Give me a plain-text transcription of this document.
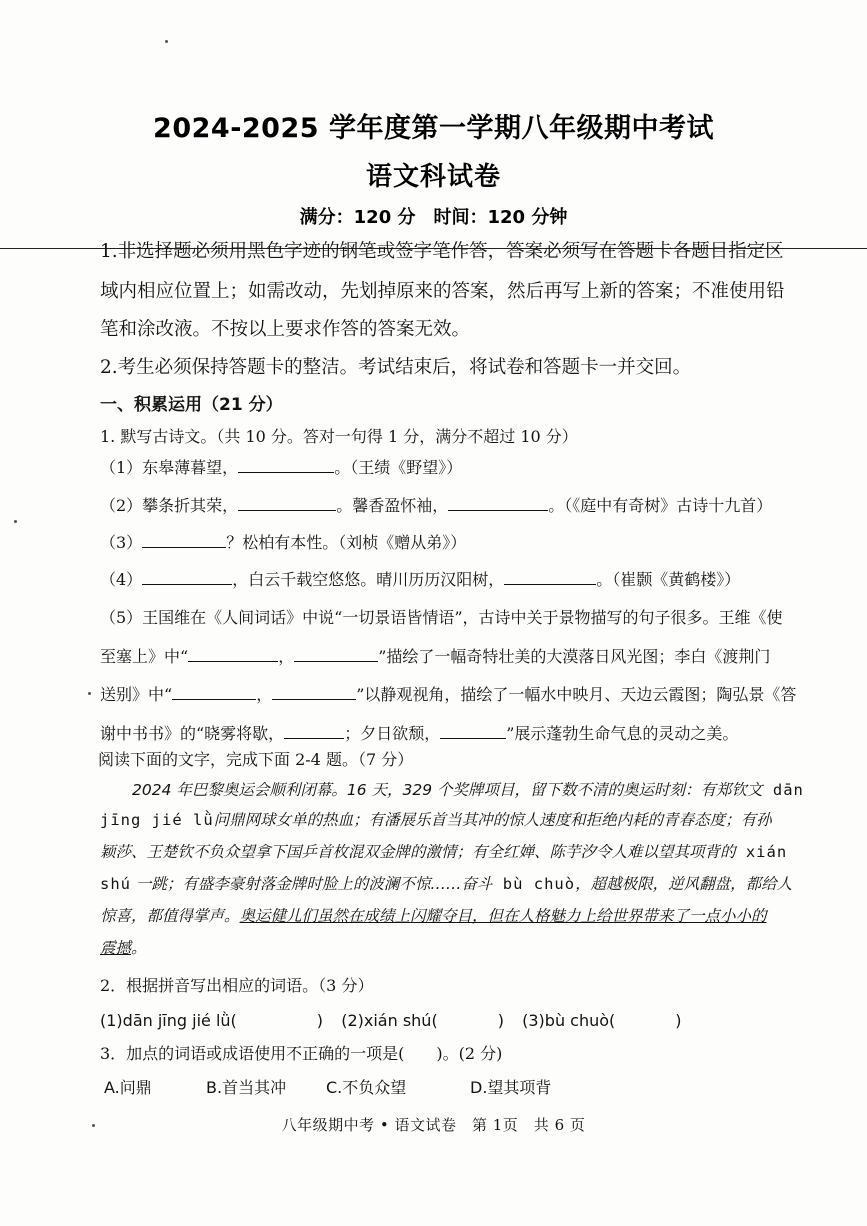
2024-2025 学年度第一学期八年级期中考试
语文科试卷
满分：120 分　时间：120 分钟
1.非选择题必须用黑色字迹的钢笔或签字笔作答，答案必须写在答题卡各题目指定区
域内相应位置上；如需改动，先划掉原来的答案，然后再写上新的答案；不准使用铅
笔和涂改液。不按以上要求作答的答案无效。
2.考生必须保持答题卡的整洁。考试结束后，将试卷和答题卡一并交回。
一、积累运用（21 分）
1. 默写古诗文。（共 10 分。答对一句得 1 分，满分不超过 10 分）
（1）东皋薄暮望，	。（王绩《野望》）
（2）攀条折其荣，	。馨香盈怀袖，	。（《庭中有奇树》古诗十九首）
（3）	？松柏有本性。（刘桢《赠从弟》）
（4）	，白云千载空悠悠。晴川历历汉阳树，	。（崔颢《黄鹤楼》）
（5）王国维在《人间词话》中说“一切景语皆情语”，古诗中关于景物描写的句子很多。王维《使
至塞上》中“	，	”描绘了一幅奇特壮美的大漠落日风光图；李白《渡荆门
送别》中“	，	”以静观视角，描绘了一幅水中映月、天边云霞图；陶弘景《答
谢中书书》的“晓雾将歇，	；夕日欲颓，	”展示蓬勃生命气息的灵动之美。
阅读下面的文字，完成下面 2-4 题。（7 分）
2024 年巴黎奥运会顺利闭幕。16 天，329 个奖牌项目，留下数不清的奥运时刻：有郑钦文 dān
jīng jié lǜ问鼎网球女单的热血；有潘展乐首当其冲的惊人速度和拒绝内耗的青春态度；有孙
颖莎、王楚钦不负众望拿下国乒首枚混双金牌的激情；有全红婵、陈芋汐令人难以望其项背的 xián
shú 一跳；有盛李豪射落金牌时脸上的波澜不惊……奋斗 bù chuò，超越极限，逆风翻盘，都给人
惊喜，都值得掌声。奥运健儿们虽然在成绩上闪耀夺目，但在人格魅力上给世界带来了一点小小的
震撼。
2．根据拼音写出相应的词语。（3 分）
(1)dān jīng jié lǜ(	) (2)xián shú(	) (3)bù chuò(	)
3．加点的词语或成语使用不正确的一项是(　　)。(2 分)
A.问鼎	B.首当其冲 C.不负众望	D.望其项背
八年级期中考 • 语文试卷　第 1页　共 6 页
